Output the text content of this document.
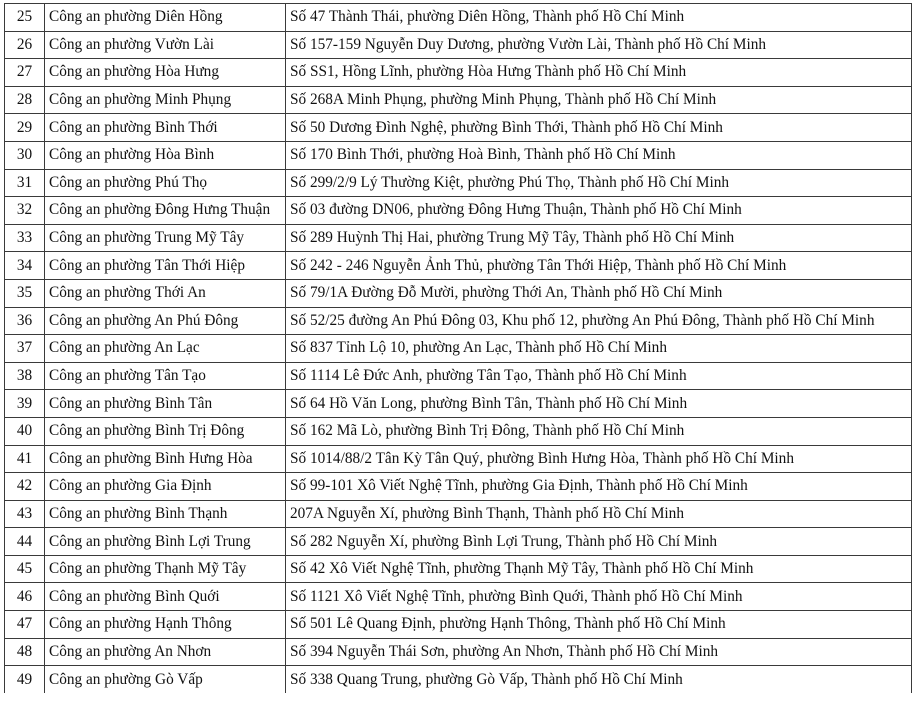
25	Công an phường Diên Hồng	Số 47 Thành Thái, phường Diên Hồng, Thành phố Hồ Chí Minh
26	Công an phường Vườn Lài	Số 157-159 Nguyễn Duy Dương, phường Vườn Lài, Thành phố Hồ Chí Minh
27	Công an phường Hòa Hưng	Số SS1, Hồng Lĩnh, phường Hòa Hưng Thành phố Hồ Chí Minh
28	Công an phường Minh Phụng	Số 268A Minh Phụng, phường Minh Phụng, Thành phố Hồ Chí Minh
29	Công an phường Bình Thới	Số 50 Dương Đình Nghệ, phường Bình Thới, Thành phố Hồ Chí Minh
30	Công an phường Hòa Bình	Số 170 Bình Thới, phường Hoà Bình, Thành phố Hồ Chí Minh
31	Công an phường Phú Thọ	Số 299/2/9 Lý Thường Kiệt, phường Phú Thọ, Thành phố Hồ Chí Minh
32	Công an phường Đông Hưng Thuận	Số 03 đường DN06, phường Đông Hưng Thuận, Thành phố Hồ Chí Minh
33	Công an phường Trung Mỹ Tây	Số 289 Huỳnh Thị Hai, phường Trung Mỹ Tây, Thành phố Hồ Chí Minh
34	Công an phường Tân Thới Hiệp	Số 242 - 246 Nguyễn Ảnh Thủ, phường Tân Thới Hiệp, Thành phố Hồ Chí Minh
35	Công an phường Thới An	Số 79/1A Đường Đỗ Mười, phường Thới An, Thành phố Hồ Chí Minh
36	Công an phường An Phú Đông	Số 52/25 đường An Phú Đông 03, Khu phố 12, phường An Phú Đông, Thành phố Hồ Chí Minh
37	Công an phường An Lạc	Số 837 Tỉnh Lộ 10, phường An Lạc, Thành phố Hồ Chí Minh
38	Công an phường Tân Tạo	Số 1114 Lê Đức Anh, phường Tân Tạo, Thành phố Hồ Chí Minh
39	Công an phường Bình Tân	Số 64 Hồ Văn Long, phường Bình Tân, Thành phố Hồ Chí Minh
40	Công an phường Bình Trị Đông	Số 162 Mã Lò, phường Bình Trị Đông, Thành phố Hồ Chí Minh
41	Công an phường Bình Hưng Hòa	Số 1014/88/2 Tân Kỳ Tân Quý, phường Bình Hưng Hòa, Thành phố Hồ Chí Minh
42	Công an phường Gia Định	Số 99-101 Xô Viết Nghệ Tĩnh, phường Gia Định, Thành phố Hồ Chí Minh
43	Công an phường Bình Thạnh	207A Nguyễn Xí, phường Bình Thạnh, Thành phố Hồ Chí Minh
44	Công an phường Bình Lợi Trung	Số 282 Nguyễn Xí, phường Bình Lợi Trung, Thành phố Hồ Chí Minh
45	Công an phường Thạnh Mỹ Tây	Số 42 Xô Viết Nghệ Tĩnh, phường Thạnh Mỹ Tây, Thành phố Hồ Chí Minh
46	Công an phường Bình Quới	Số 1121 Xô Viết Nghệ Tĩnh, phường Bình Quới, Thành phố Hồ Chí Minh
47	Công an phường Hạnh Thông	Số 501 Lê Quang Định, phường Hạnh Thông, Thành phố Hồ Chí Minh
48	Công an phường An Nhơn	Số 394 Nguyễn Thái Sơn, phường An Nhơn, Thành phố Hồ Chí Minh
49	Công an phường Gò Vấp	Số 338 Quang Trung, phường Gò Vấp, Thành phố Hồ Chí Minh
